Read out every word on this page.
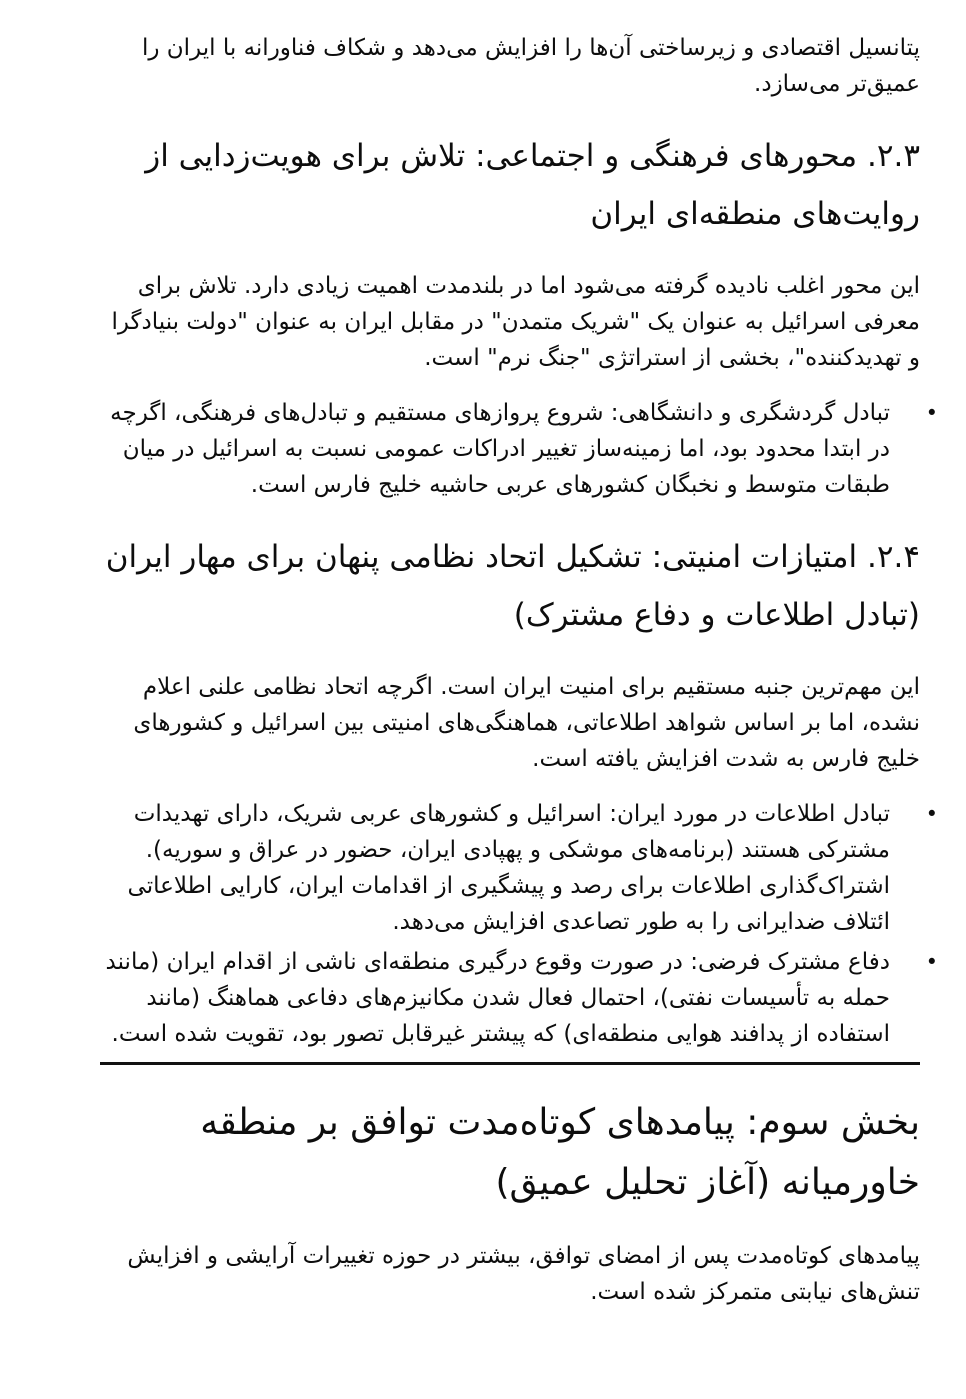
پتانسیل اقتصادی و زیرساختی آن‌ها را افزایش می‌دهد و شکاف فناورانه با ایران را عمیق‌تر می‌سازد.

۲.۳. محورهای فرهنگی و اجتماعی: تلاش برای هویت‌زدایی از روایت‌های منطقه‌ای ایران

این محور اغلب نادیده گرفته می‌شود اما در بلندمدت اهمیت زیادی دارد. تلاش برای معرفی اسرائیل به عنوان یک "شریک متمدن" در مقابل ایران به عنوان "دولت بنیادگرا و تهدیدکننده"، بخشی از استراتژی "جنگ نرم" است.

• تبادل گردشگری و دانشگاهی: شروع پروازهای مستقیم و تبادل‌های فرهنگی، اگرچه در ابتدا محدود بود، اما زمینه‌ساز تغییر ادراکات عمومی نسبت به اسرائیل در میان طبقات متوسط و نخبگان کشورهای عربی حاشیه خلیج فارس است.
۲.۴. امتیازات امنیتی: تشکیل اتحاد نظامی پنهان برای مهار ایران (تبادل اطلاعات و دفاع مشترک)

این مهم‌ترین جنبه مستقیم برای امنیت ایران است. اگرچه اتحاد نظامی علنی اعلام نشده، اما بر اساس شواهد اطلاعاتی، هماهنگی‌های امنیتی بین اسرائیل و کشورهای خلیج فارس به شدت افزایش یافته است.

• تبادل اطلاعات در مورد ایران: اسرائیل و کشورهای عربی شریک، دارای تهدیدات مشترکی هستند (برنامه‌های موشکی و پهپادی ایران، حضور در عراق و سوریه). اشتراک‌گذاری اطلاعات برای رصد و پیشگیری از اقدامات ایران، کارایی اطلاعاتی ائتلاف ضدایرانی را به طور تصاعدی افزایش می‌دهد.
• دفاع مشترک فرضی: در صورت وقوع درگیری منطقه‌ای ناشی از اقدام ایران (مانند حمله به تأسیسات نفتی)، احتمال فعال شدن مکانیزم‌های دفاعی هماهنگ (مانند استفاده از پدافند هوایی منطقه‌ای) که پیشتر غیرقابل تصور بود، تقویت شده است.
بخش سوم: پیامدهای کوتاه‌مدت توافق بر منطقه خاورمیانه (آغاز تحلیل عمیق)

پیامدهای کوتاه‌مدت پس از امضای توافق، بیشتر در حوزه تغییرات آرایشی و افزایش تنش‌های نیابتی متمرکز شده است.
